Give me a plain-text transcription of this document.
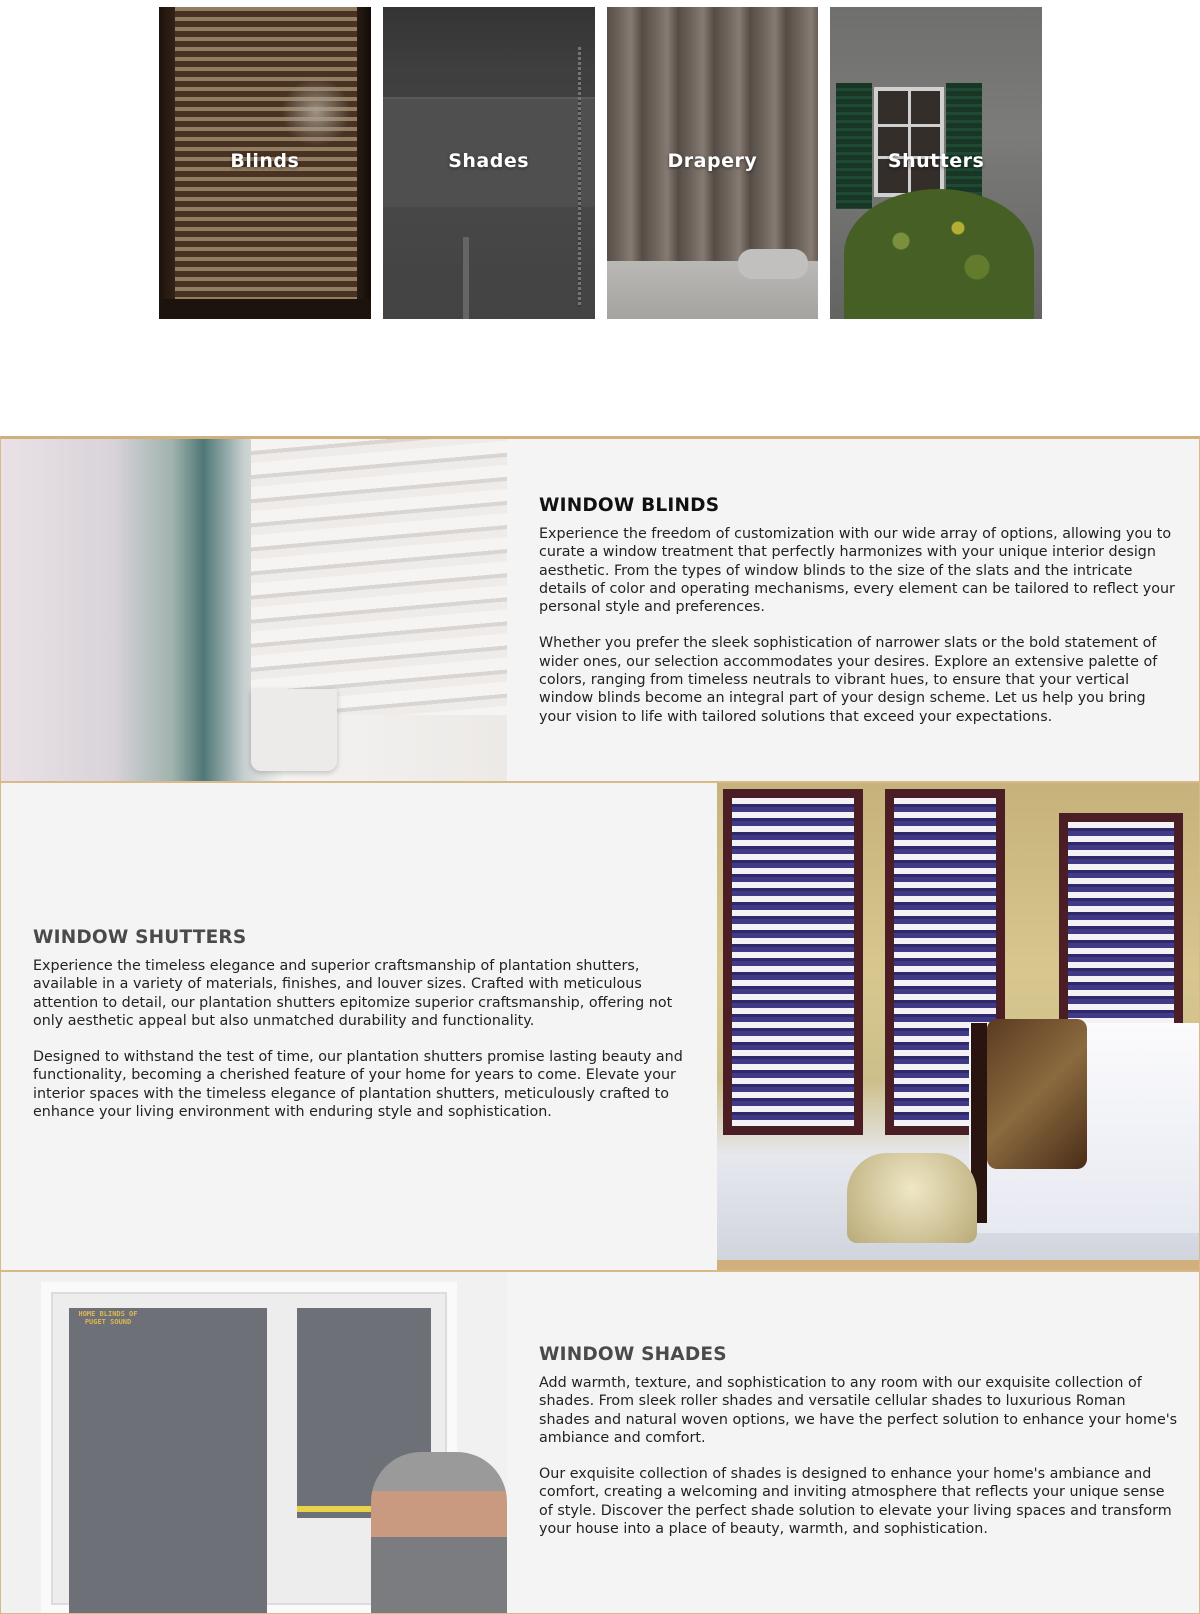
Blinds	Shades	Drapery	Shutters
WINDOW BLINDS

Experience the freedom of customization with our wide array of options, allowing you to curate a window treatment that perfectly harmonizes with your unique interior design aesthetic. From the types of window blinds to the size of the slats and the intricate details of color and operating mechanisms, every element can be tailored to reflect your personal style and preferences.

Whether you prefer the sleek sophistication of narrower slats or the bold statement of wider ones, our selection accommodates your desires. Explore an extensive palette of colors, ranging from timeless neutrals to vibrant hues, to ensure that your vertical window blinds become an integral part of your design scheme. Let us help you bring your vision to life with tailored solutions that exceed your expectations.

WINDOW SHUTTERS

Experience the timeless elegance and superior craftsmanship of plantation shutters, available in a variety of materials, finishes, and louver sizes. Crafted with meticulous attention to detail, our plantation shutters epitomize superior craftsmanship, offering not only aesthetic appeal but also unmatched durability and functionality.

Designed to withstand the test of time, our plantation shutters promise lasting beauty and functionality, becoming a cherished feature of your home for years to come. Elevate your interior spaces with the timeless elegance of plantation shutters, meticulously crafted to enhance your living environment with enduring style and sophistication.

HOME BLINDS OF PUGET SOUND
WINDOW SHADES

Add warmth, texture, and sophistication to any room with our exquisite collection of shades. From sleek roller shades and versatile cellular shades to luxurious Roman shades and natural woven options, we have the perfect solution to enhance your home's ambiance and comfort.

Our exquisite collection of shades is designed to enhance your home's ambiance and comfort, creating a welcoming and inviting atmosphere that reflects your unique sense of style. Discover the perfect shade solution to elevate your living spaces and transform your house into a place of beauty, warmth, and sophistication.
